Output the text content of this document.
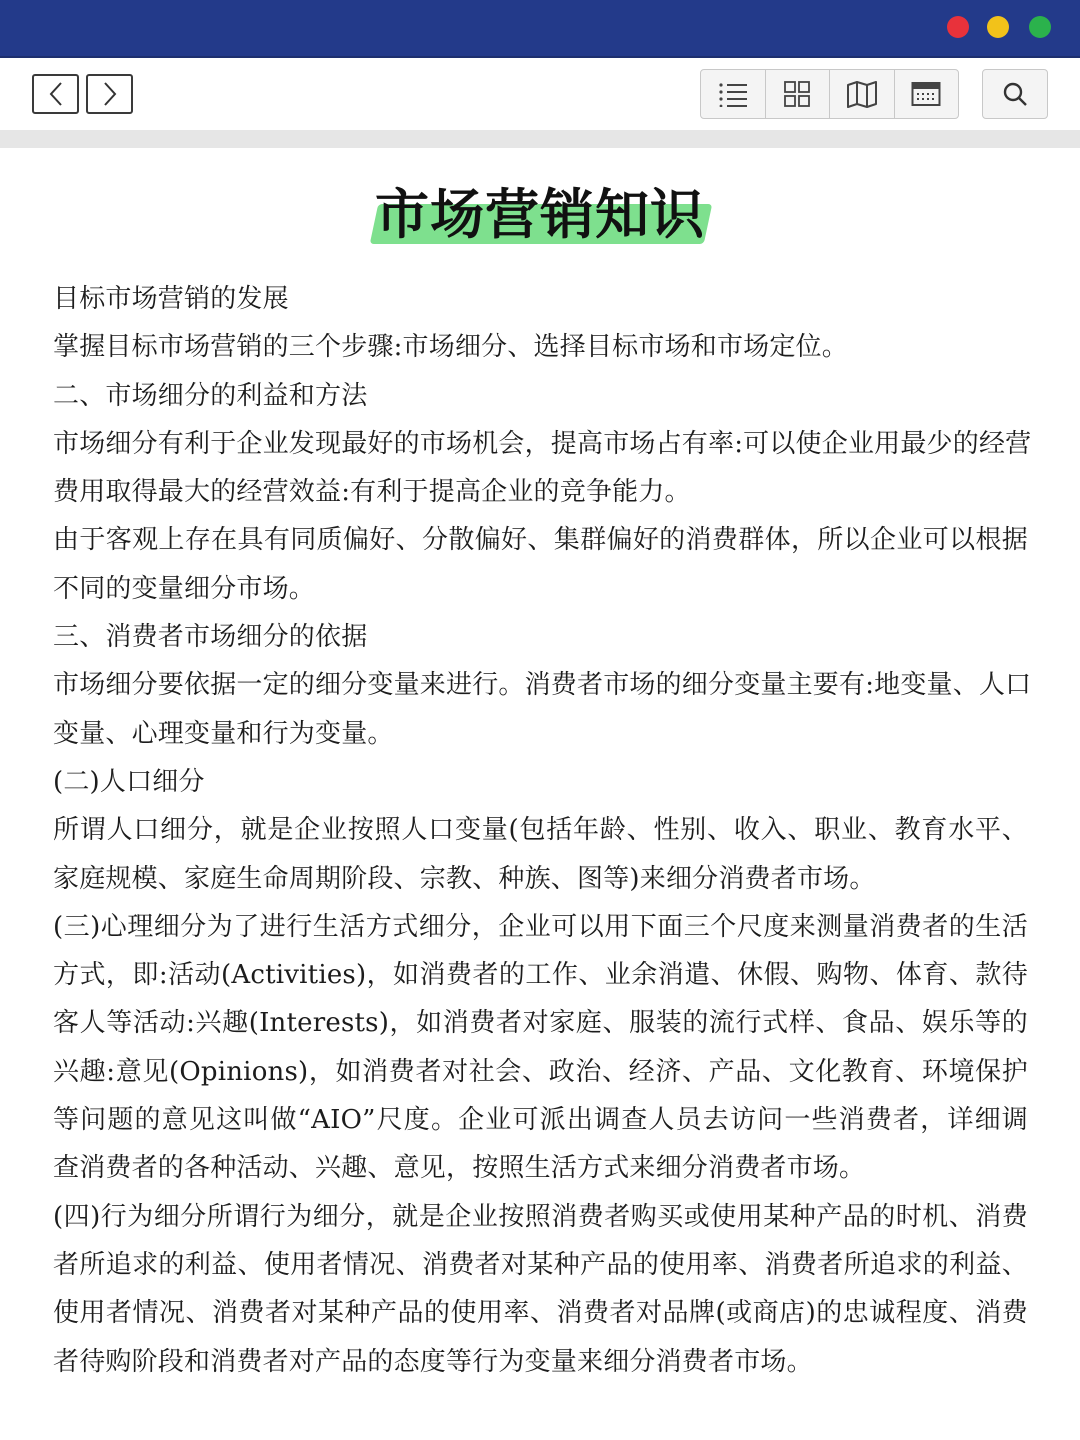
市场营销知识
目标市场营销的发展
掌握目标市场营销的三个步骤:市场细分、选择目标市场和市场定位。
二、市场细分的利益和方法
市场细分有利于企业发现最好的市场机会，提高市场占有率:可以使企业用最少的经营
费用取得最大的经营效益:有利于提高企业的竞争能力。
由于客观上存在具有同质偏好、分散偏好、集群偏好的消费群体，所以企业可以根据
不同的变量细分市场。
三、消费者市场细分的依据
市场细分要依据一定的细分变量来进行。消费者市场的细分变量主要有:地变量、人口
变量、心理变量和行为变量。
(二)人口细分
所谓人口细分，就是企业按照人口变量(包括年龄、性别、收入、职业、教育水平、
家庭规模、家庭生命周期阶段、宗教、种族、图等)来细分消费者市场。
(三)心理细分为了进行生活方式细分，企业可以用下面三个尺度来测量消费者的生活
方式，即:活动(Activities)，如消费者的工作、业余消遣、休假、购物、体育、款待
客人等活动:兴趣(Interests)，如消费者对家庭、服装的流行式样、食品、娱乐等的
兴趣:意见(Opinions)，如消费者对社会、政治、经济、产品、文化教育、环境保护
等问题的意见这叫做“AIO”尺度。企业可派出调查人员去访问一些消费者，详细调
查消费者的各种活动、兴趣、意见，按照生活方式来细分消费者市场。
(四)行为细分所谓行为细分，就是企业按照消费者购买或使用某种产品的时机、消费
者所追求的利益、使用者情况、消费者对某种产品的使用率、消费者所追求的利益、
使用者情况、消费者对某种产品的使用率、消费者对品牌(或商店)的忠诚程度、消费
者待购阶段和消费者对产品的态度等行为变量来细分消费者市场。
